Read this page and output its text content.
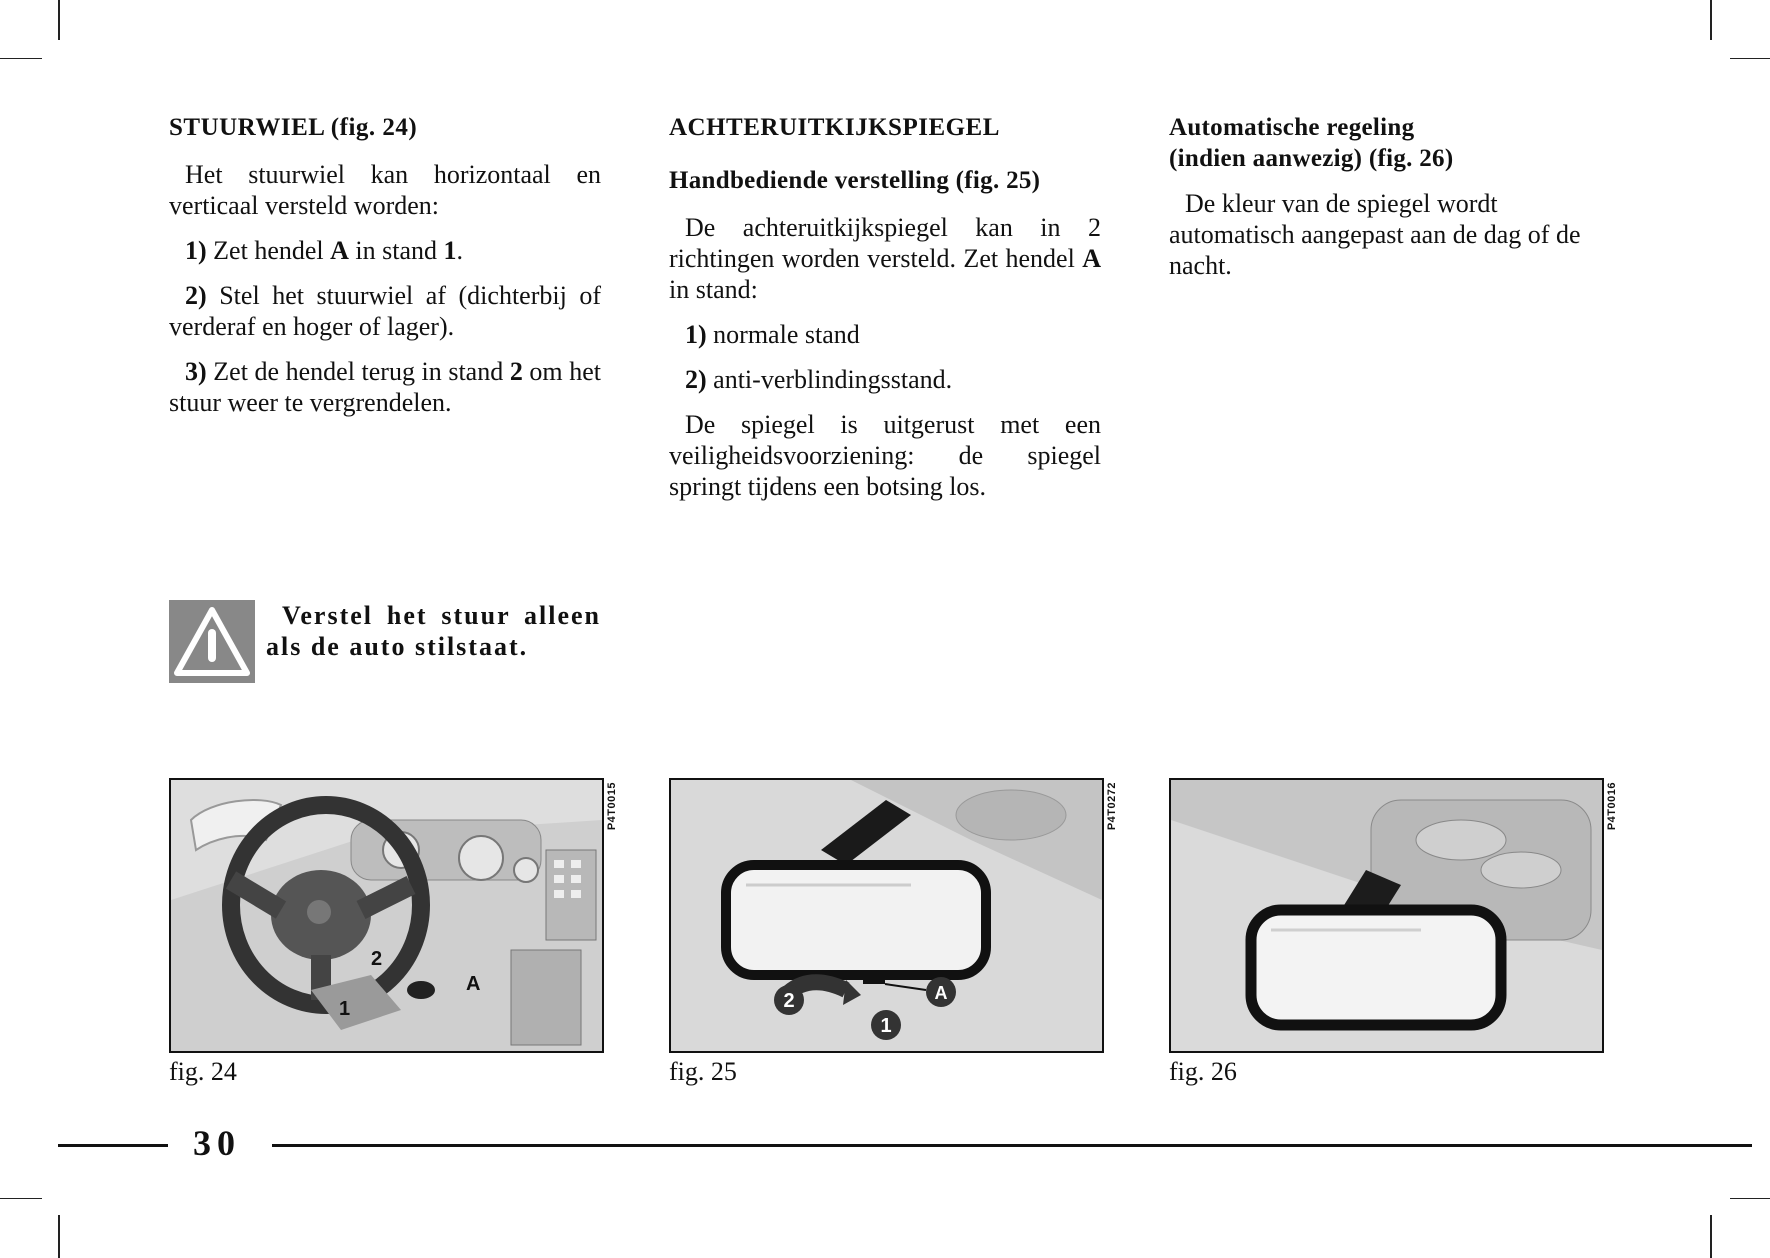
STUURWIEL (fig. 24)

Het stuurwiel kan horizontaal en verticaal versteld worden:

1) Zet hendel A in stand 1.

2) Stel het stuurwiel af (dichterbij of verderaf en hoger of lager).

3) Zet de hendel terug in stand 2 om het stuur weer te vergrendelen.

ACHTERUITKIJKSPIEGEL
Handbediende verstelling (fig. 25)

De achteruitkijkspiegel kan in 2 richtingen worden versteld. Zet hendel A in stand:

1) normale stand

2) anti-verblindingsstand.

De spiegel is uitgerust met een veiligheidsvoorziening: de spiegel springt tijdens een botsing los.

Automatische regeling
(indien aanwezig) (fig. 26)

De kleur van de spiegel wordt automatisch aangepast aan de dag of de nacht.

Verstel het stuur alleen als de auto stilstaat.
2
A
1
P4T0015
fig. 24
2
1
A
P4T0272
fig. 25
P4T0016
fig. 26
30
